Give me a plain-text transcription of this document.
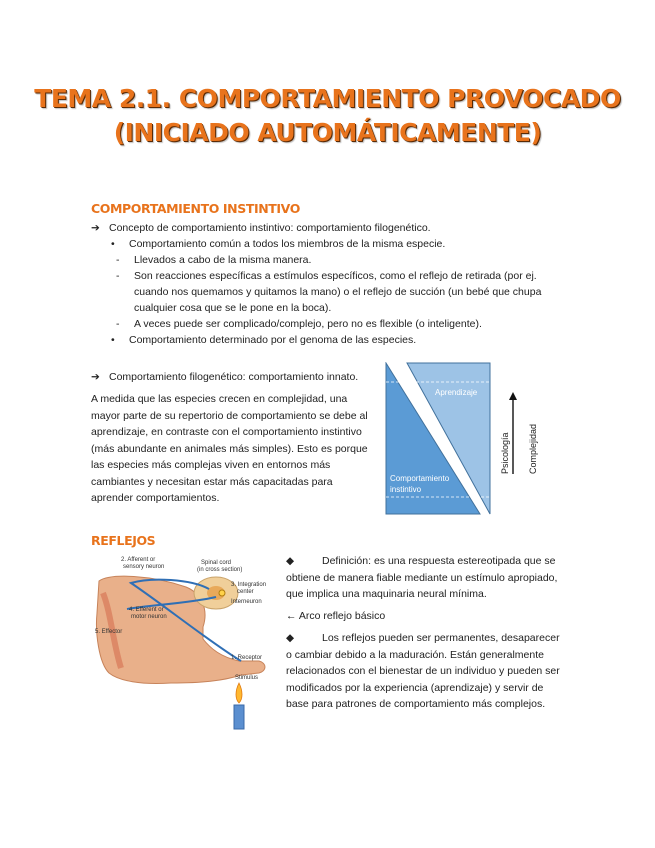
TEMA 2.1. COMPORTAMIENTO PROVOCADO
(INICIADO AUTOMÁTICAMENTE)
COMPORTAMIENTO INSTINTIVO
➔ Concepto de comportamiento instintivo: comportamiento filogenético.
• Comportamiento común a todos los miembros de la misma especie.
- Llevados a cabo de la misma manera.
- Son reacciones específicas a estímulos específicos, como el reflejo de retirada (por ej.
cuando nos quemamos y quitamos la mano) o el reflejo de succión (un bebé que chupa
cualquier cosa que se le pone en la boca).
- A veces puede ser complicado/complejo, pero no es flexible (o inteligente).
• Comportamiento determinado por el genoma de las especies.
➔ Comportamiento filogenético: comportamiento innato.
A medida que las especies crecen en complejidad, una mayor parte de su repertorio de comportamiento se debe al aprendizaje, en contraste con el comportamiento instintivo (más abundante en animales más simples). Esto es porque las especies más complejas viven en entornos más cambiantes y necesitan estar más capacitadas para aprender comportamientos.
Aprendizaje
Comportamiento
instintivo
Psicología Complejidad
REFLEJOS
2. Afferent or
sensory neuron
Spinal cord
(in cross section)
3. Integration
center
Interneuron
4. Efferent or
motor neuron
5. Effector
1. Receptor
Stimulus
◆	Definición: es una respuesta estereotipada que se obtiene de manera fiable mediante un estímulo apropiado, que implica una maquinaria neural mínima.
← Arco reflejo básico
◆	Los reflejos pueden ser permanentes, desaparecer o cambiar debido a la maduración. Están generalmente relacionados con el bienestar de un individuo y pueden ser modificados por la experiencia (aprendizaje) y servir de base para patrones de comportamiento más complejos.
